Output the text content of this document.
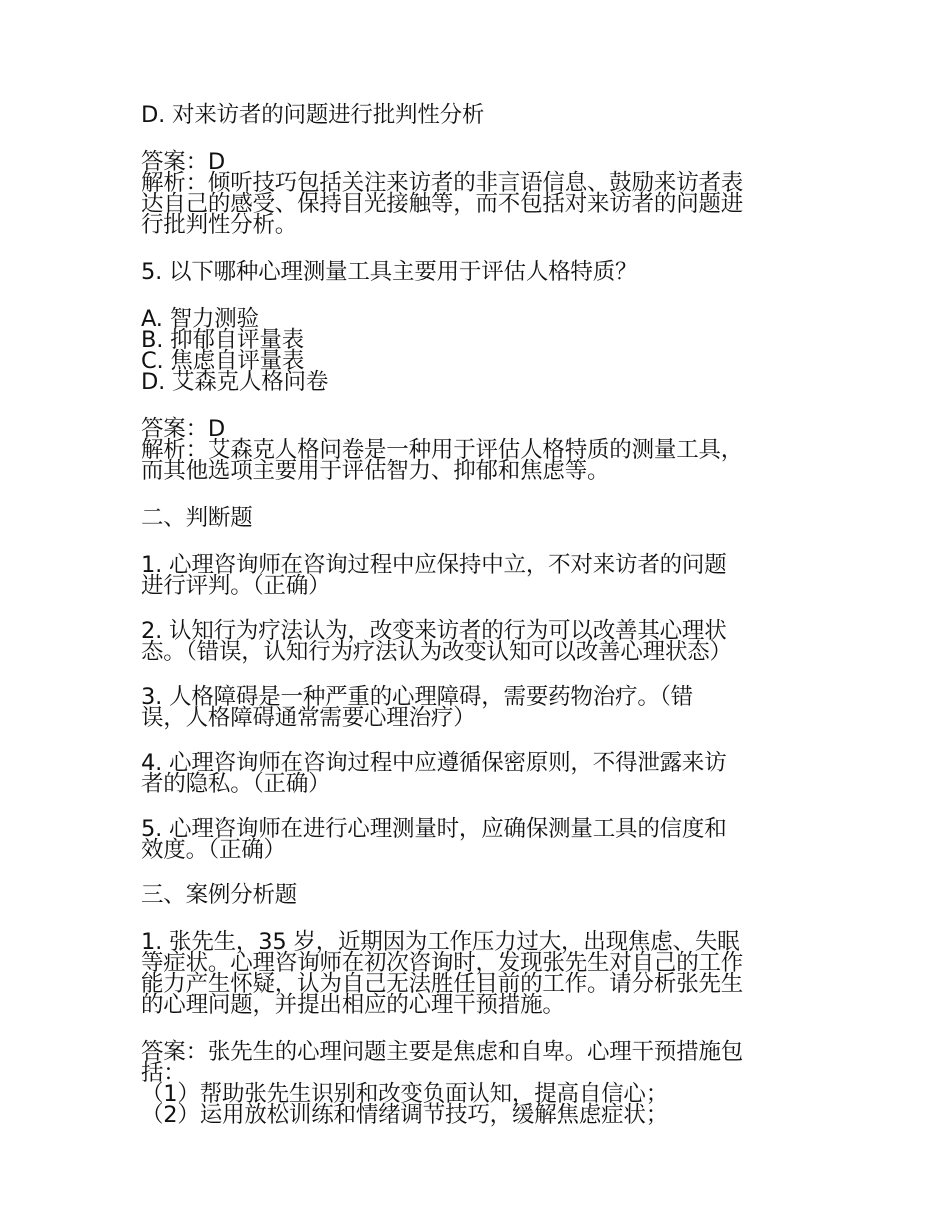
D. 对来访者的问题进行批判性分析

答案：D
解析：倾听技巧包括关注来访者的非言语信息、鼓励来访者表
达自己的感受、保持目光接触等，而不包括对来访者的问题进
行批判性分析。

5. 以下哪种心理测量工具主要用于评估人格特质？

A. 智力测验
B. 抑郁自评量表
C. 焦虑自评量表
D. 艾森克人格问卷

答案：D
解析：艾森克人格问卷是一种用于评估人格特质的测量工具，
而其他选项主要用于评估智力、抑郁和焦虑等。

二、判断题

1. 心理咨询师在咨询过程中应保持中立，不对来访者的问题
进行评判。（正确）

2. 认知行为疗法认为，改变来访者的行为可以改善其心理状
态。（错误，认知行为疗法认为改变认知可以改善心理状态）

3. 人格障碍是一种严重的心理障碍，需要药物治疗。（错
误，人格障碍通常需要心理治疗）

4. 心理咨询师在咨询过程中应遵循保密原则，不得泄露来访
者的隐私。（正确）

5. 心理咨询师在进行心理测量时，应确保测量工具的信度和
效度。（正确）

三、案例分析题

1. 张先生，35 岁，近期因为工作压力过大，出现焦虑、失眠
等症状。心理咨询师在初次咨询时，发现张先生对自己的工作
能力产生怀疑，认为自己无法胜任目前的工作。请分析张先生
的心理问题，并提出相应的心理干预措施。

答案：张先生的心理问题主要是焦虑和自卑。心理干预措施包
括：
（1）帮助张先生识别和改变负面认知，提高自信心；
（2）运用放松训练和情绪调节技巧，缓解焦虑症状；
